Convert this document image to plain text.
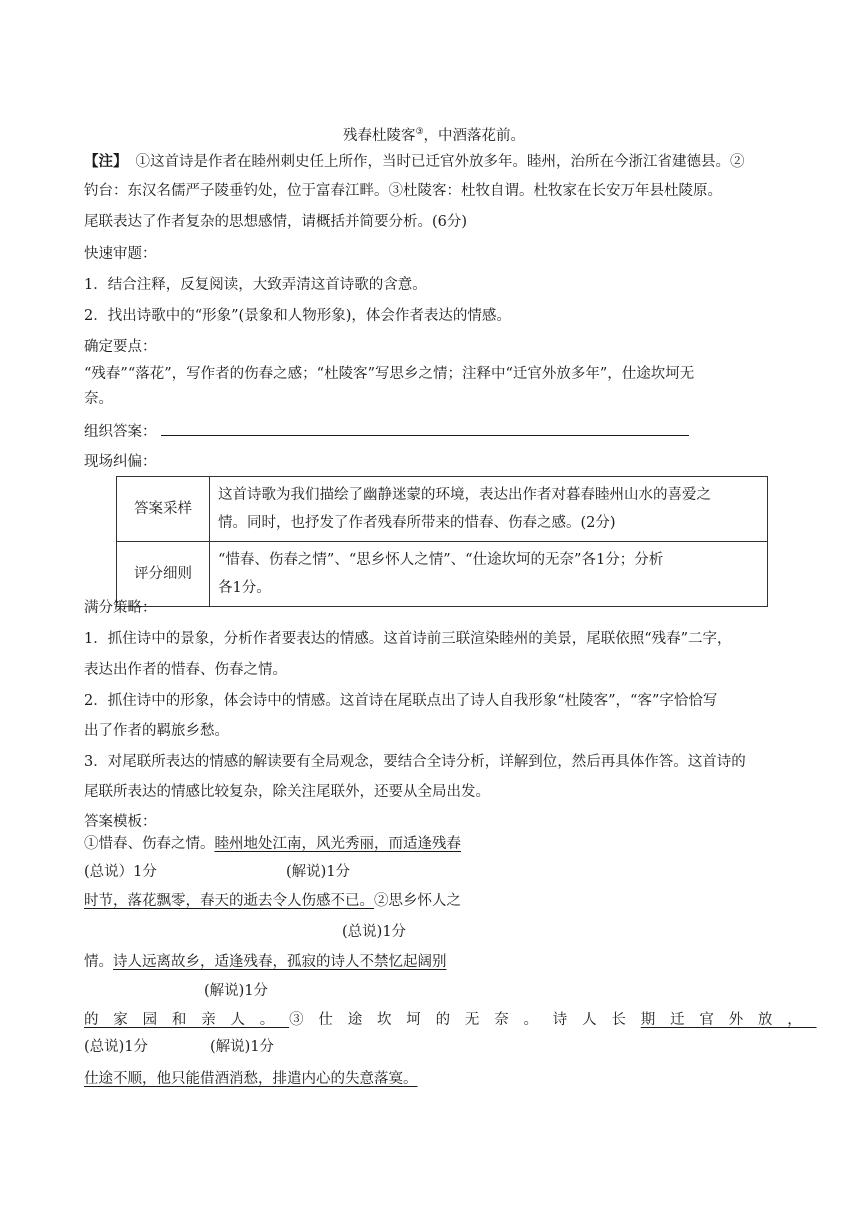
残春杜陵客③，中酒落花前。
【注】 ①这首诗是作者在睦州刺史任上所作，当时已迁官外放多年。睦州，治所在今浙江省建德县。②
钓台：东汉名儒严子陵垂钓处，位于富春江畔。③杜陵客：杜牧自谓。杜牧家在长安万年县杜陵原。
尾联表达了作者复杂的思想感情，请概括并简要分析。(6分)
快速审题：
1．结合注释，反复阅读，大致弄清这首诗歌的含意。
2．找出诗歌中的“形象”(景象和人物形象)，体会作者表达的情感。
确定要点：
“残春”“落花”，写作者的伤春之感；“杜陵客”写思乡之情；注释中“迁官外放多年”，仕途坎坷无
奈。
组织答案：
现场纠偏：
答案采样	这首诗歌为我们描绘了幽静迷蒙的环境，表达出作者对暮春睦州山水的喜爱之
情。同时，也抒发了作者残春所带来的惜春、伤春之感。(2分)

评分细则	“惜春、伤春之情”、“思乡怀人之情”、“仕途坎坷的无奈”各1分；分析
各1分。
满分策略：
1．抓住诗中的景象，分析作者要表达的情感。这首诗前三联渲染睦州的美景，尾联依照“残春”二字，
表达出作者的惜春、伤春之情。
2．抓住诗中的形象，体会诗中的情感。这首诗在尾联点出了诗人自我形象“杜陵客”，“客”字恰恰写
出了作者的羁旅乡愁。
3．对尾联所表达的情感的解读要有全局观念，要结合全诗分析，详解到位，然后再具体作答。这首诗的
尾联所表达的情感比较复杂，除关注尾联外，还要从全局出发。
答案模板：
①惜春、伤春之情。睦州地处江南，风光秀丽，而适逢残春
(总说）1分	(解说)1分
时节，落花飘零，春天的逝去令人伤感不已。②思乡怀人之
(总说)1分
情。诗人远离故乡，适逢残春，孤寂的诗人不禁忆起阔别
(解说)1分
的家园和亲人。③仕途坎坷的无奈。诗人长期迁官外放，
(总说)1分	(解说)1分
仕途不顺，他只能借酒消愁，排遣内心的失意落寞。
